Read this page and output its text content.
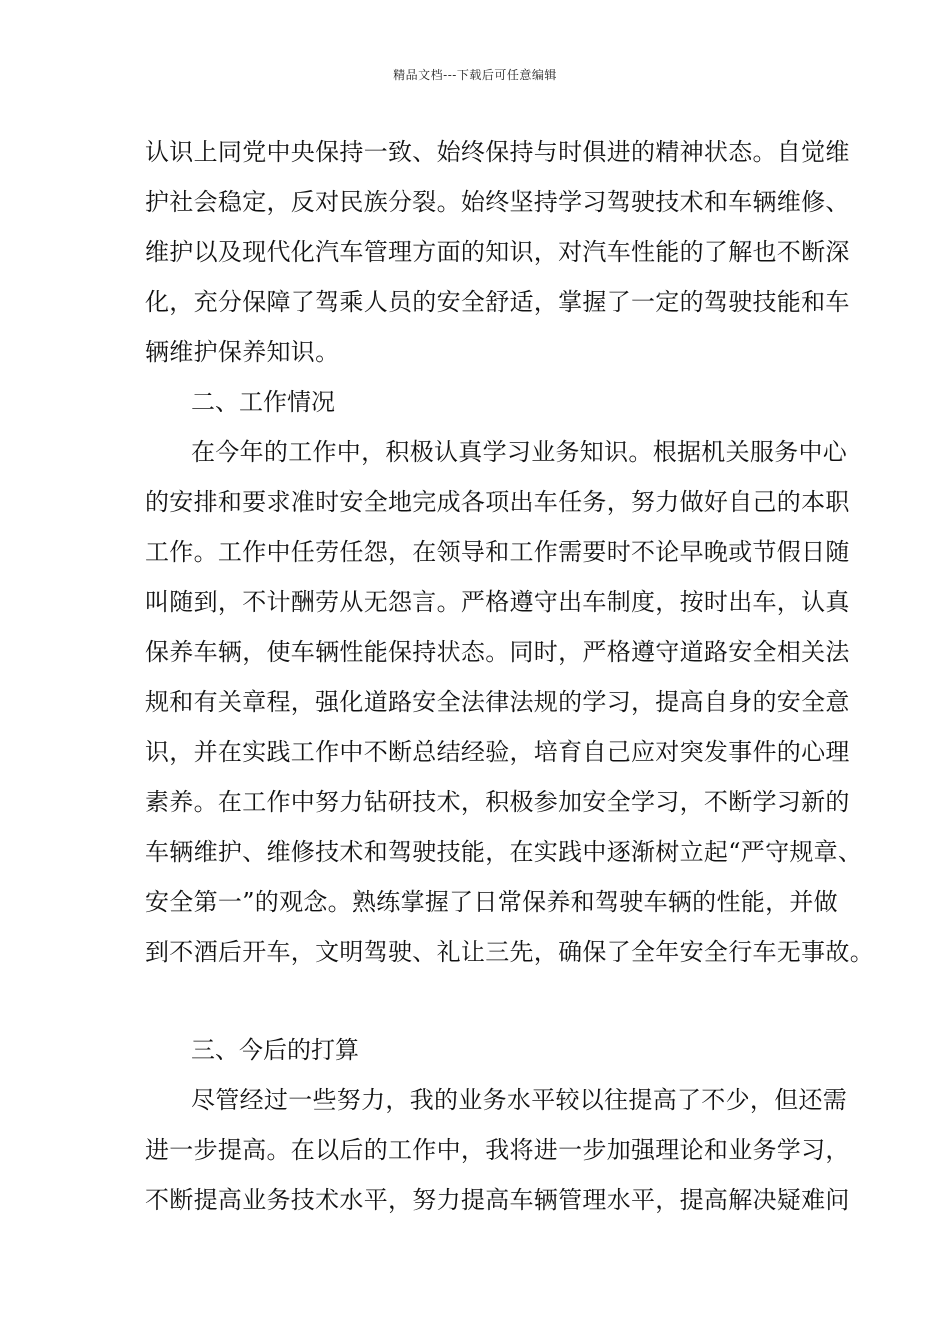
精品文档---下载后可任意编辑

认识上同党中央保持一致、始终保持与时俱进的精神状态。自觉维
护社会稳定，反对民族分裂。始终坚持学习驾驶技术和车辆维修、
维护以及现代化汽车管理方面的知识，对汽车性能的了解也不断深
化，充分保障了驾乘人员的安全舒适，掌握了一定的驾驶技能和车
辆维护保养知识。

二、工作情况

在今年的工作中，积极认真学习业务知识。根据机关服务中心
的安排和要求准时安全地完成各项出车任务，努力做好自己的本职
工作。工作中任劳任怨，在领导和工作需要时不论早晚或节假日随
叫随到，不计酬劳从无怨言。严格遵守出车制度，按时出车，认真
保养车辆，使车辆性能保持状态。同时，严格遵守道路安全相关法
规和有关章程，强化道路安全法律法规的学习，提高自身的安全意
识，并在实践工作中不断总结经验，培育自己应对突发事件的心理
素养。在工作中努力钻研技术，积极参加安全学习，不断学习新的
车辆维护、维修技术和驾驶技能，在实践中逐渐树立起“严守规章、
安全第一”的观念。熟练掌握了日常保养和驾驶车辆的性能，并做
到不酒后开车，文明驾驶、礼让三先，确保了全年安全行车无事故。

三、今后的打算

尽管经过一些努力，我的业务水平较以往提高了不少，但还需
进一步提高。在以后的工作中，我将进一步加强理论和业务学习，
不断提高业务技术水平，努力提高车辆管理水平，提高解决疑难问
